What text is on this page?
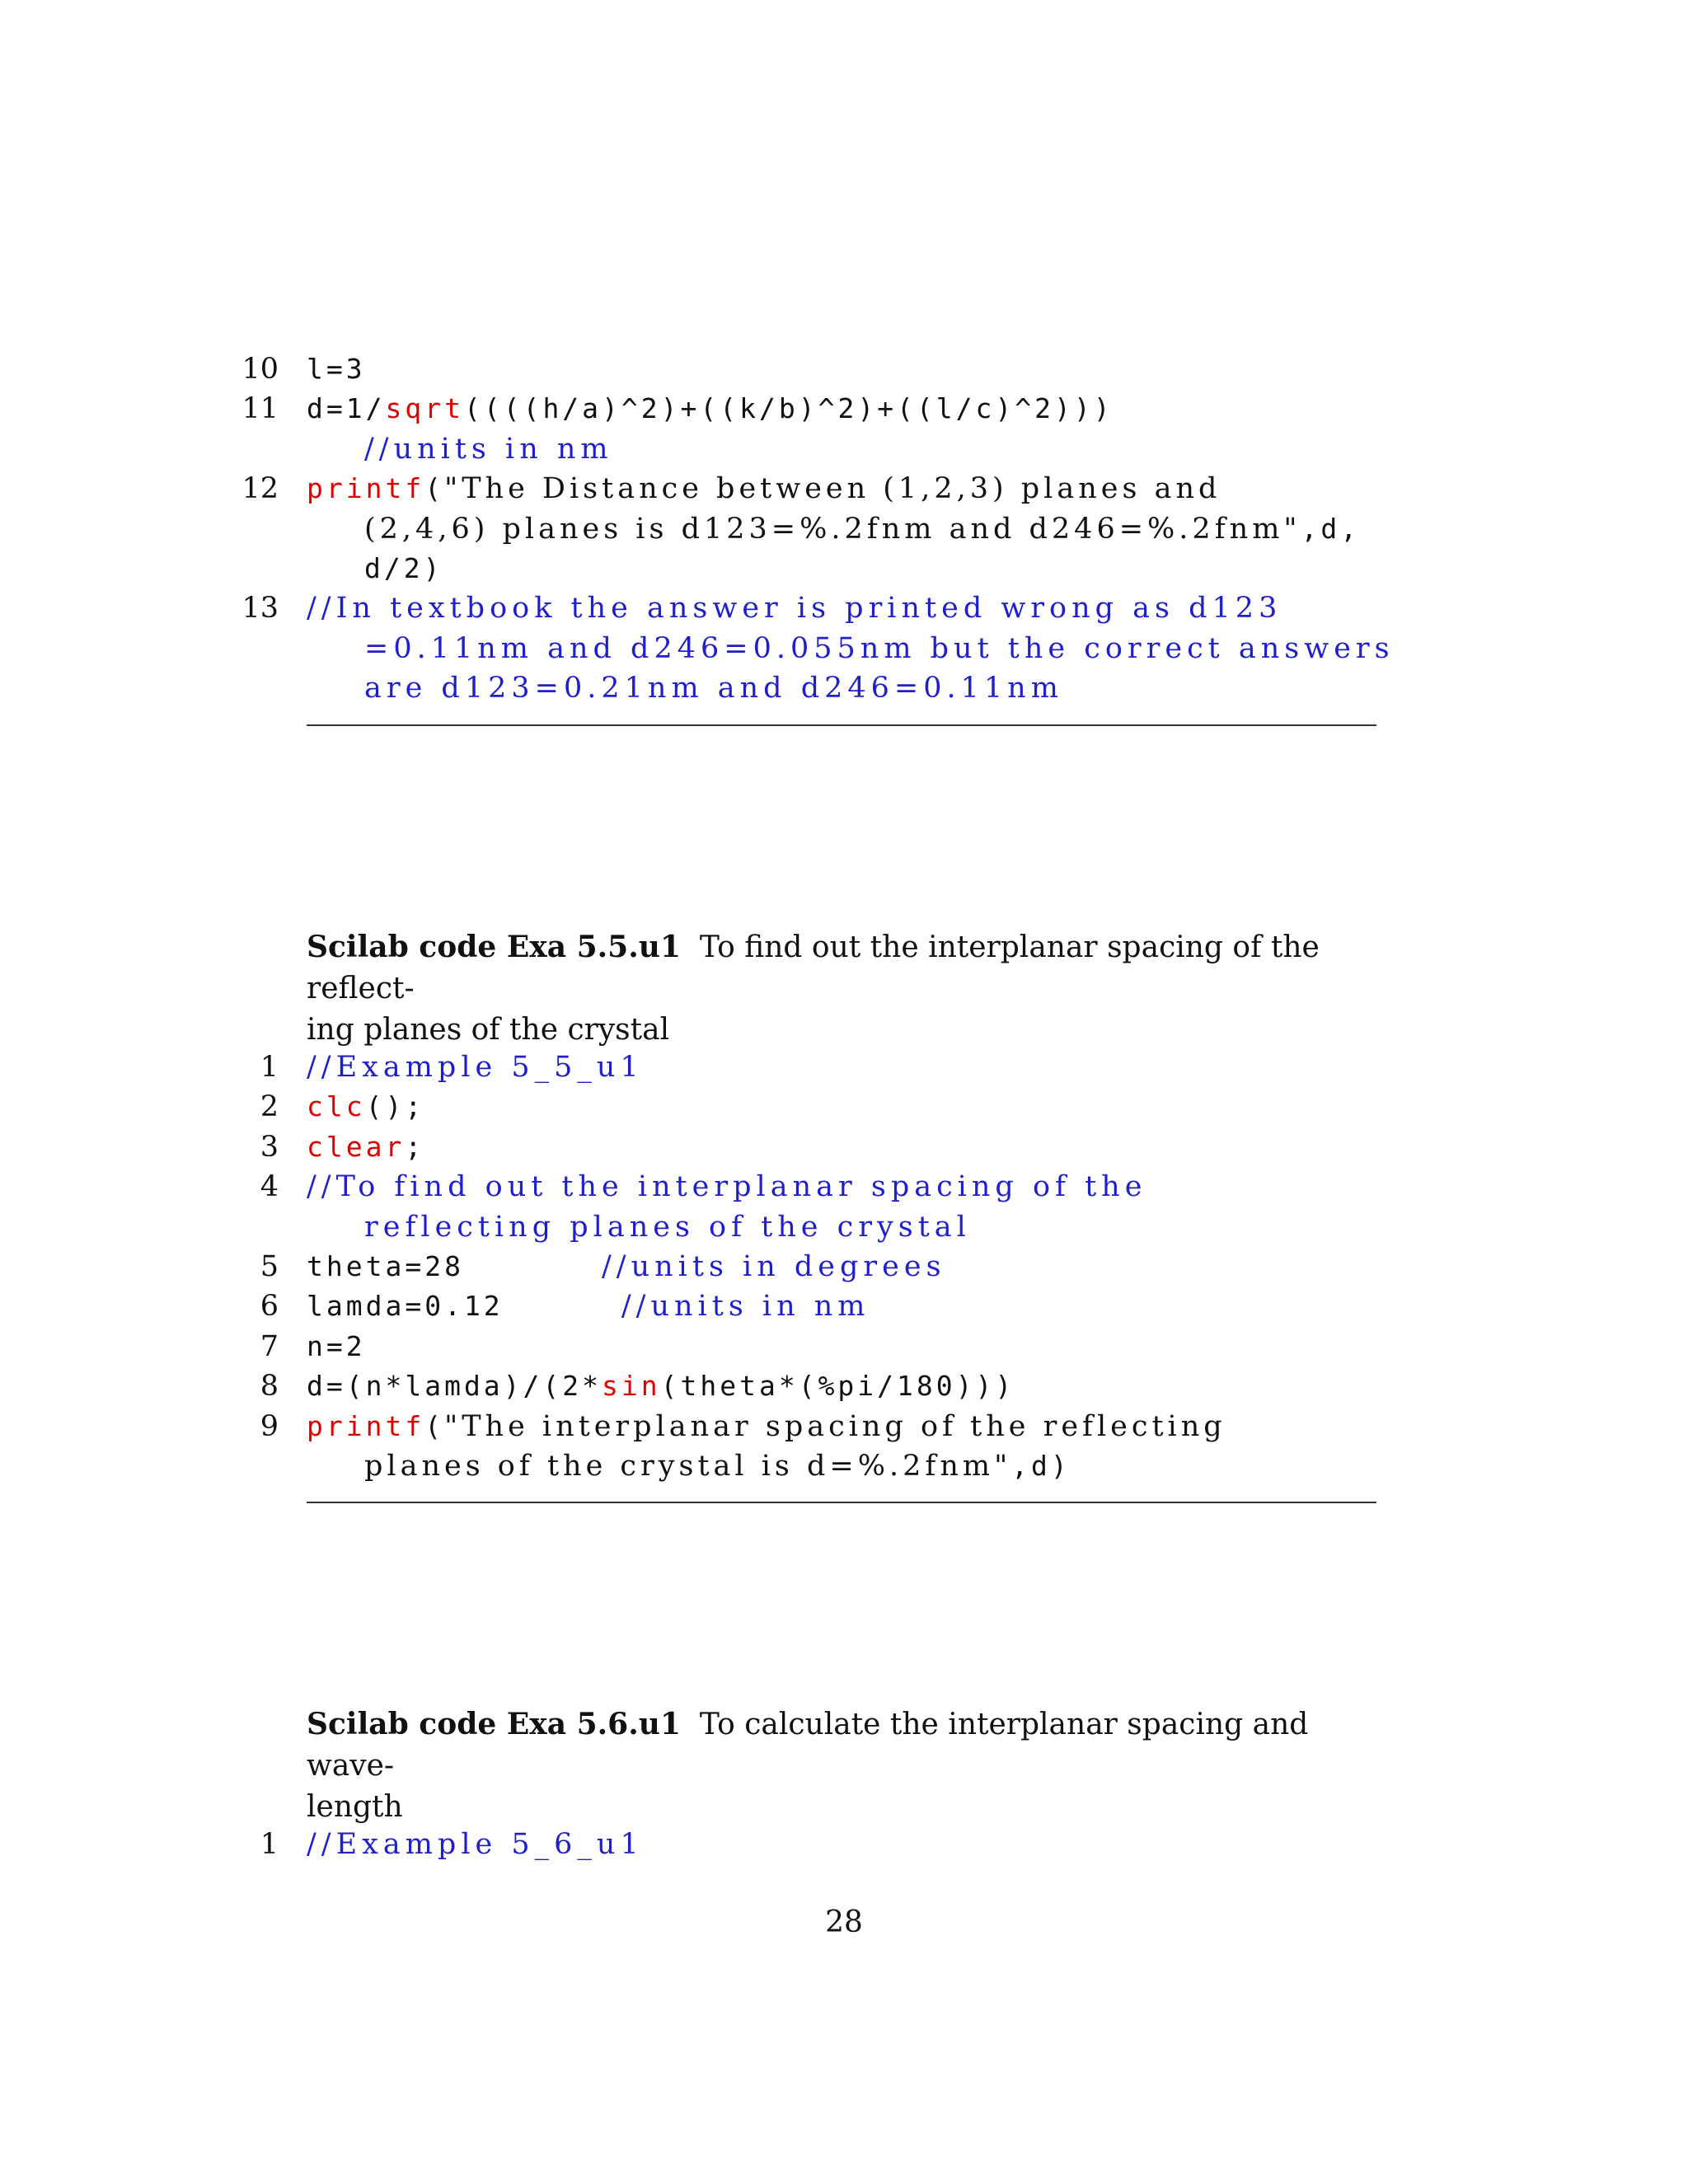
10 l=3
11 d=1/sqrt((((h/a)^2)+((k/b)^2)+((l/c)^2)))
//units in nm
12 printf("The Distance between (1,2,3) planes and
(2,4,6) planes is d123=%.2fnm and d246=%.2fnm",d,
d/2)
13 //In textbook the answer is printed wrong as d123
=0.11nm and d246=0.055nm but the correct answers
are d123=0.21nm and d246=0.11nm
Scilab code Exa 5.5.u1 To find out the interplanar spacing of the reflect-
ing planes of the crystal
1 //Example 5_5_u1
2 clc();
3 clear;
4 //To find out the interplanar spacing of the
reflecting planes of the crystal
5 theta=28       //units in degrees
6 lamda=0.12      //units in nm
7 n=2
8 d=(n*lamda)/(2*sin(theta*(%pi/180)))
9 printf("The interplanar spacing of the reflecting
planes of the crystal is d=%.2fnm",d)
Scilab code Exa 5.6.u1 To calculate the interplanar spacing and wave-
length
1 //Example 5_6_u1
28
